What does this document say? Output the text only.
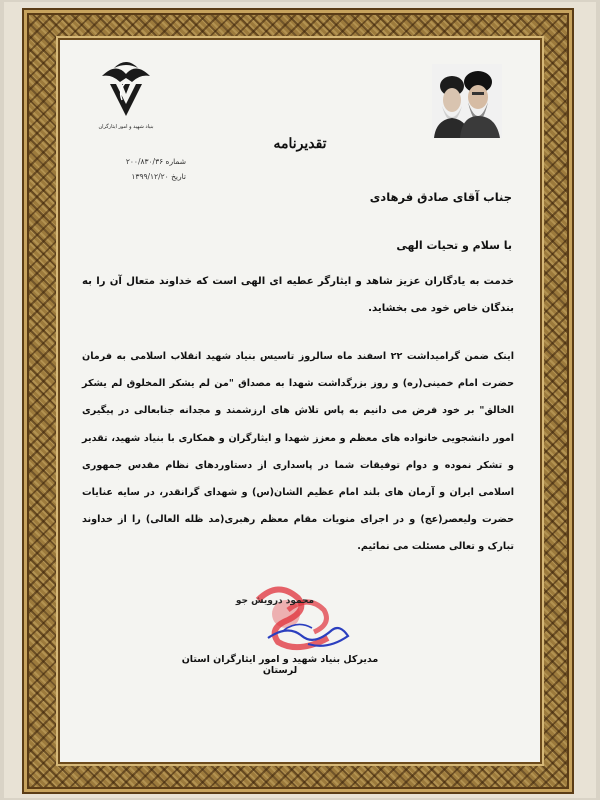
بنیاد شهید و امور ایثارگران
تقدیرنامه
شماره ۲۰۰/۸۳۰/۳۶
تاریخ ۱۳۹۹/۱۲/۲۰
جناب آقای صادق فرهادی
با سلام و تحیات الهی
خدمت به یادگاران عزیز شاهد و ایثارگر عطیه ای الهی است که خداوند متعال آن را به بندگان خاص خود می بخشاید.
اینک ضمن گرامیداشت ۲۲ اسفند ماه سالروز تاسیس بنیاد شهید انقلاب اسلامی به فرمان حضرت امام خمینی(ره) و روز بزرگداشت شهدا به مصداق "من لم یشکر المخلوق لم یشکر الخالق" بر خود فرض می دانیم به پاس تلاش های ارزشمند و مجدانه جنابعالی در پیگیری امور دانشجویی خانواده های معظم و معزز شهدا و ایثارگران و همکاری با بنیاد شهید، تقدیر و تشکر نموده و دوام توفیقات شما در پاسداری از دستاوردهای نظام مقدس جمهوری اسلامی ایران و آرمان های بلند امام عظیم الشان(س) و شهدای گرانقدر، در سایه عنایات حضرت ولیعصر(عج) و در اجرای منویات مقام معظم رهبری(مد ظله العالی) را از خداوند تبارک و تعالی مسئلت می نمائیم.
محمود درویش جو
مدیرکل بنیاد شهید و امور ایثارگران استان لرستان
